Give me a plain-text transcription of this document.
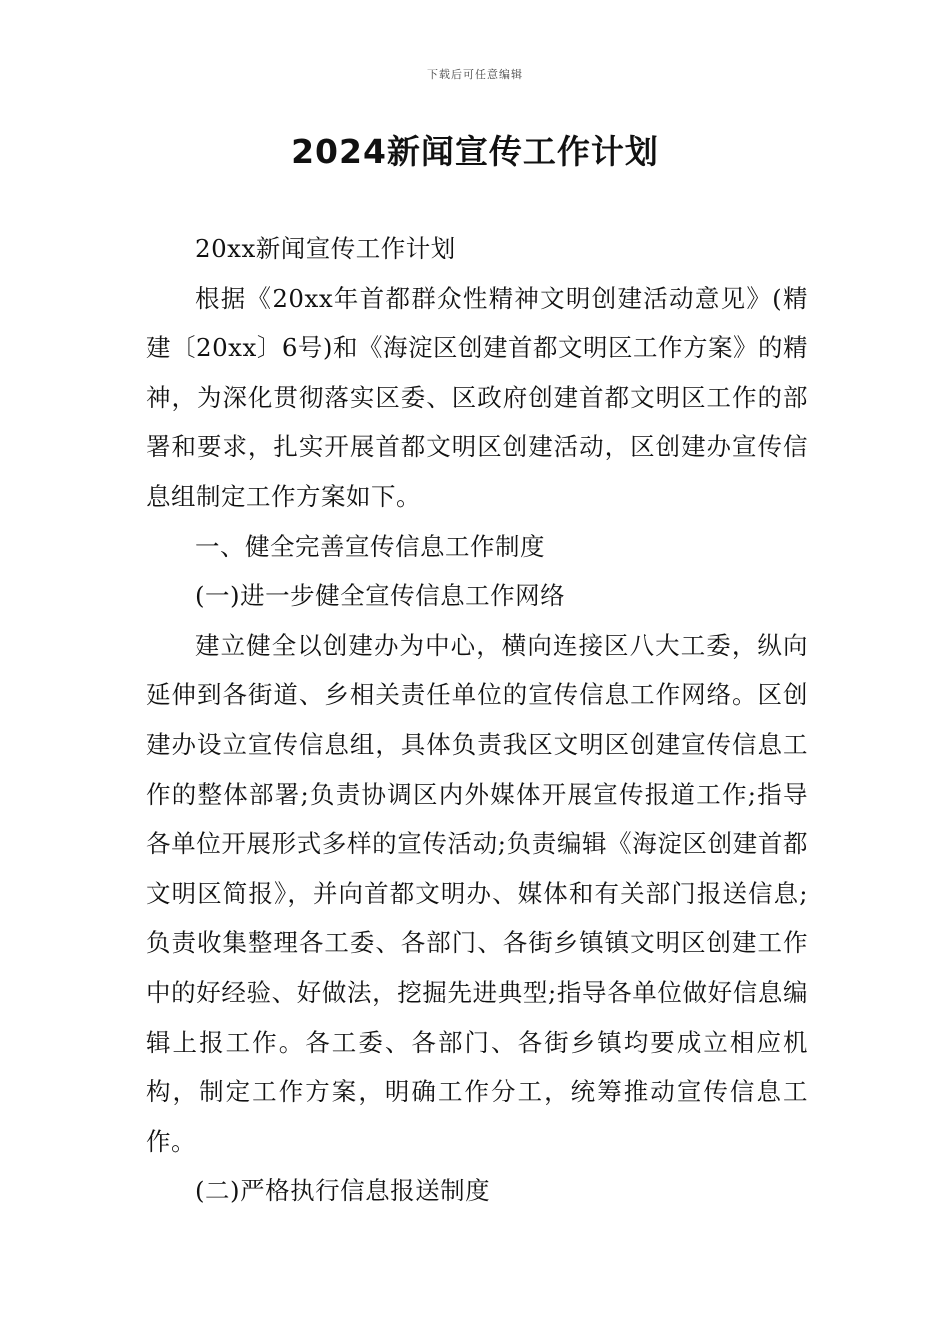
下载后可任意编辑
2024新闻宣传工作计划

20xx新闻宣传工作计划

根据《20xx年首都群众性精神文明创建活动意见》(精建〔20xx〕6号)和《海淀区创建首都文明区工作方案》的精神，为深化贯彻落实区委、区政府创建首都文明区工作的部署和要求，扎实开展首都文明区创建活动，区创建办宣传信息组制定工作方案如下。

一、健全完善宣传信息工作制度

(一)进一步健全宣传信息工作网络

建立健全以创建办为中心，横向连接区八大工委，纵向延伸到各街道、乡相关责任单位的宣传信息工作网络。区创建办设立宣传信息组，具体负责我区文明区创建宣传信息工作的整体部署;负责协调区内外媒体开展宣传报道工作;指导各单位开展形式多样的宣传活动;负责编辑《海淀区创建首都文明区简报》，并向首都文明办、媒体和有关部门报送信息;负责收集整理各工委、各部门、各街乡镇镇文明区创建工作中的好经验、好做法，挖掘先进典型;指导各单位做好信息编辑上报工作。各工委、各部门、各街乡镇均要成立相应机构，制定工作方案，明确工作分工，统筹推动宣传信息工作。

(二)严格执行信息报送制度
